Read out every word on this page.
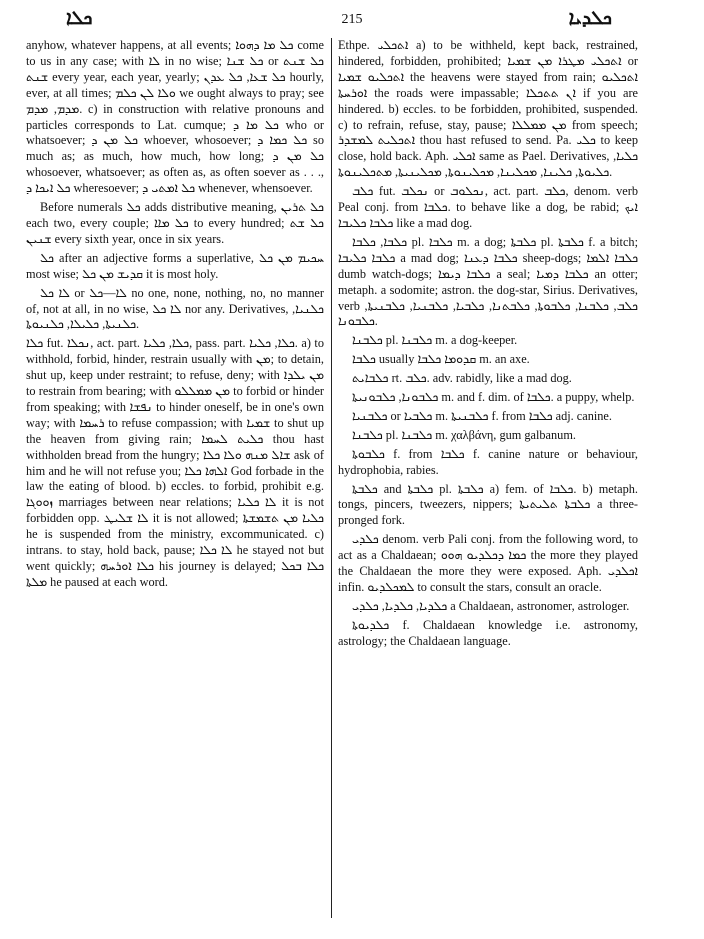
ܟܠܐ	215	ܟܠܕܝܐ

anyhow, whatever happens, at all events; ܟܠ ܡܐ ܕܗܘܐ come to us in any case; with ܠܐ in no wise; ܟܠ ܫܢܐ or ܟܠ ܫܢܬ ܫܢܬ every year, each year, yearly; ܟܠ ܫܥܐ, ܟܠ ܥܕܢ hourly, ever, at all times; ܘܠܐ ܠܢ ܟܠܡ we ought always to pray; see ܡܕܡ, ܡܕܡ. c) in construction with relative pronouns and particles corresponds to Lat. cumque; ܟܠ ܡܐ ܕ who or whatsoever; ܟܠ ܡܢ ܕ whoever, whosoever; ܟܠ ܟܡܐ ܕ so much as; as much, how much, how long; ܟܠ ܡܢ ܕ whosoever, whatsoever; as often as, as often soever as . . ., ܟܠ ܐܝܟܐ ܕ wheresoever; ܟܠ ܐܡܬܝ ܕ whenever, whensoever.

Before numerals ܟܠ adds distributive meaning, ܟܠ ܬܪܝܢ each two, every couple; ܟܠ ܡܐܐ to every hundred; ܟܠ ܫܬ ܫܢܝܢ every sixth year, once in six years.

ܟܠ after an adjective forms a superlative, ܚܟܝܡ ܡܢ ܟܠ most wise; ܩܕܝܫ ܡܢ ܟܠ it is most holy.

ܠܐ ܟܠ or ܠܐ—ܟܠ no one, none, nothing, no, no manner of, not at all, in no wise, ܠܐ ܟܠ nor any. Derivatives, ܟܠܢܝܐ, ܟܠܢܝܬܐ, ܟܠܝܠܐ, ܟܠܢܝܘܬܐ.

ܟܠܐ fut. ܢܟܠܐ, act. part. ܟܠܐ, ܟܠܝܐ, pass. part. ܟܠܐ, ܟܠܝܐ. a) to withhold, forbid, hinder, restrain usually with ܡܢ; to detain, shut up, keep under restraint; to refuse, deny; with ܡܢ ܝܠܕܐ to restrain from bearing; with ܡܢ ܡܡܠܠܘ to forbid or hinder from speaking; with ܢܦܫܐ to hinder oneself, be in one's own way; with ܪܚܡܐ to refuse compassion; with ܫܡܝܐ to shut up the heaven from giving rain; ܟܠܝܬ ܠܚܡܐ thou hast withholden bread from the hungry; ܫܐܠ ܡܢܗ ܘܠܐ ܟܠܐ ask of him and he will not refuse you; ܐܠܗܐ ܟܠܐ God forbade in the law the eating of blood. b) eccles. to forbid, prohibit e.g. ܙܘܘܓܐ marriages between near relations; ܠܐ ܟܠܝܐ it is not forbidden opp. ܠܐ ܫܠܝܛ it is not allowed; ܟܠܝܐ ܡܢ ܬܫܡܫܬܐ he is suspended from the ministry, excommunicated. c) intrans. to stay, hold back, pause; ܠܐ ܟܠܐ he stayed not but went quickly; ܟܠܐ ܐܘܪܚܗ his journey is delayed; ܟܠܐ ܒܟܠ ܡܠܬܐ he paused at each word.

Ethpe. ܐܬܟܠܝ a) to be withheld, kept back, restrained, hindered, forbidden, prohibited; ܐܬܟܠܝ ܡܛܪܐ ܡܢ ܫܡܝܐ or ܐܬܟܠܝܘ ܫܡܝܐ the heavens were stayed from rain; ܐܬܟܠܝܘ ܐܘܪܚܬܐ the roads were impassable; ܐܢ ܬܬܟܠܐ if you are hindered. b) eccles. to be forbidden, prohibited, suspended. c) to refrain, refuse, stay, pause; ܡܢ ܡܡܠܠܐ from speech; ܐܬܟܠܝܬ ܠܡܫܕܪ thou hast refused to send. Pa. ܟܠܝ to keep close, hold back. Aph. ܐܟܠܝ same as Pael. Derivatives, ܟܠܝܐ, ܟܠܝܘܬܐ, ܟܠܝܢܐ, ܡܟܠܝܢܐ, ܡܟܠܝܢܘܬܐ, ܡܟܠܝܢܝܬܐ, ܡܬܟܠܝܢܘܬܐ.

ܟܠܒ fut. ܢܟܠܒ or ܢܟܠܘܒ, act. part. ܟܠܒ, denom. verb Peal conj. from ܟܠܒܐ. to behave like a dog, be rabid; ܐܝܟ ܟܠܒܐ ܟܠܝܒܐ like a mad dog.

ܟܠܒܐ, ܟܠܒܐ pl. ܟܠܒܐ m. a dog; ܟܠܒܬܐ pl. ܟܠܒܬܐ f. a bitch; ܟܠܒܐ ܟܠܝܒܐ a mad dog; ܟܠܒܐ ܕܥܢܐ sheep-dogs; ܟܠܒܐ ܐܠܡܐ dumb watch-dogs; ܟܠܒܐ ܕܝܡܐ a seal; ܟܠܒܐ ܕܡܝܐ an otter; metaph. a sodomite; astron. the dog-star, Sirius. Derivatives, verb ܟܠܒ, ܟܠܒܢܐ, ܟܠܒܘܬܐ, ܟܠܒܬܢܐ, ܟܠܒܝܐ, ܟܠܒܢܝܐ, ܟܠܒܢܝܬܐ, ܟܠܒܘܢܐ.

ܟܠܒܢܐ pl. ܟܠܒܢܐ m. a dog-keeper.

ܟܠܒܐ usually ܩܕܘܡܐ ܟܠܒܐ m. an axe.

ܟܠܒܐܝܬ rt. ܟܠܒ. adv. rabidly, like a mad dog.

ܟܠܒܘܢܐ, ܟܠܒܘܢܝܬܐ m. and f. dim. of ܟܠܒܐ. a puppy, whelp.

ܟܠܒܢܝܐ or ܟܠܒܝܐ m. ܟܠܒܢܝܬܐ f. from ܟܠܒܐ adj. canine.

ܟܠܒܢܐ pl. ܟܠܒܢܐ m. χαλβάνη, gum galbanum.

ܟܠܒܘܬܐ f. from ܟܠܒܐ f. canine nature or behaviour, hydrophobia, rabies.

ܟܠܒܬܐ and ܟܠܒܬܐ pl. ܟܠܒܬܐ a) fem. of ܟܠܒܐ. b) metaph. tongs, pincers, tweezers, nippers; ܟܠܒܬܐ ܬܠܝܬܝܬܐ a three-pronged fork.

ܟܠܕܝ denom. verb Pali conj. from the following word, to act as a Chaldaean; ܟܡܐ ܕܟܠܕܝܘ ܗܘܘ the more they played the Chaldaean the more they were exposed. Aph. ܐܟܠܕܝ infin. ܠܡܟܠܕܝܘ to consult the stars, consult an oracle.

ܟܠܕܝܐ, ܟܠܕܝܐ, ܟܠܕܝ a Chaldaean, astronomer, astrologer.

ܟܠܕܝܘܬܐ f. Chaldaean knowledge i.e. astronomy, astrology; the Chaldaean language.
